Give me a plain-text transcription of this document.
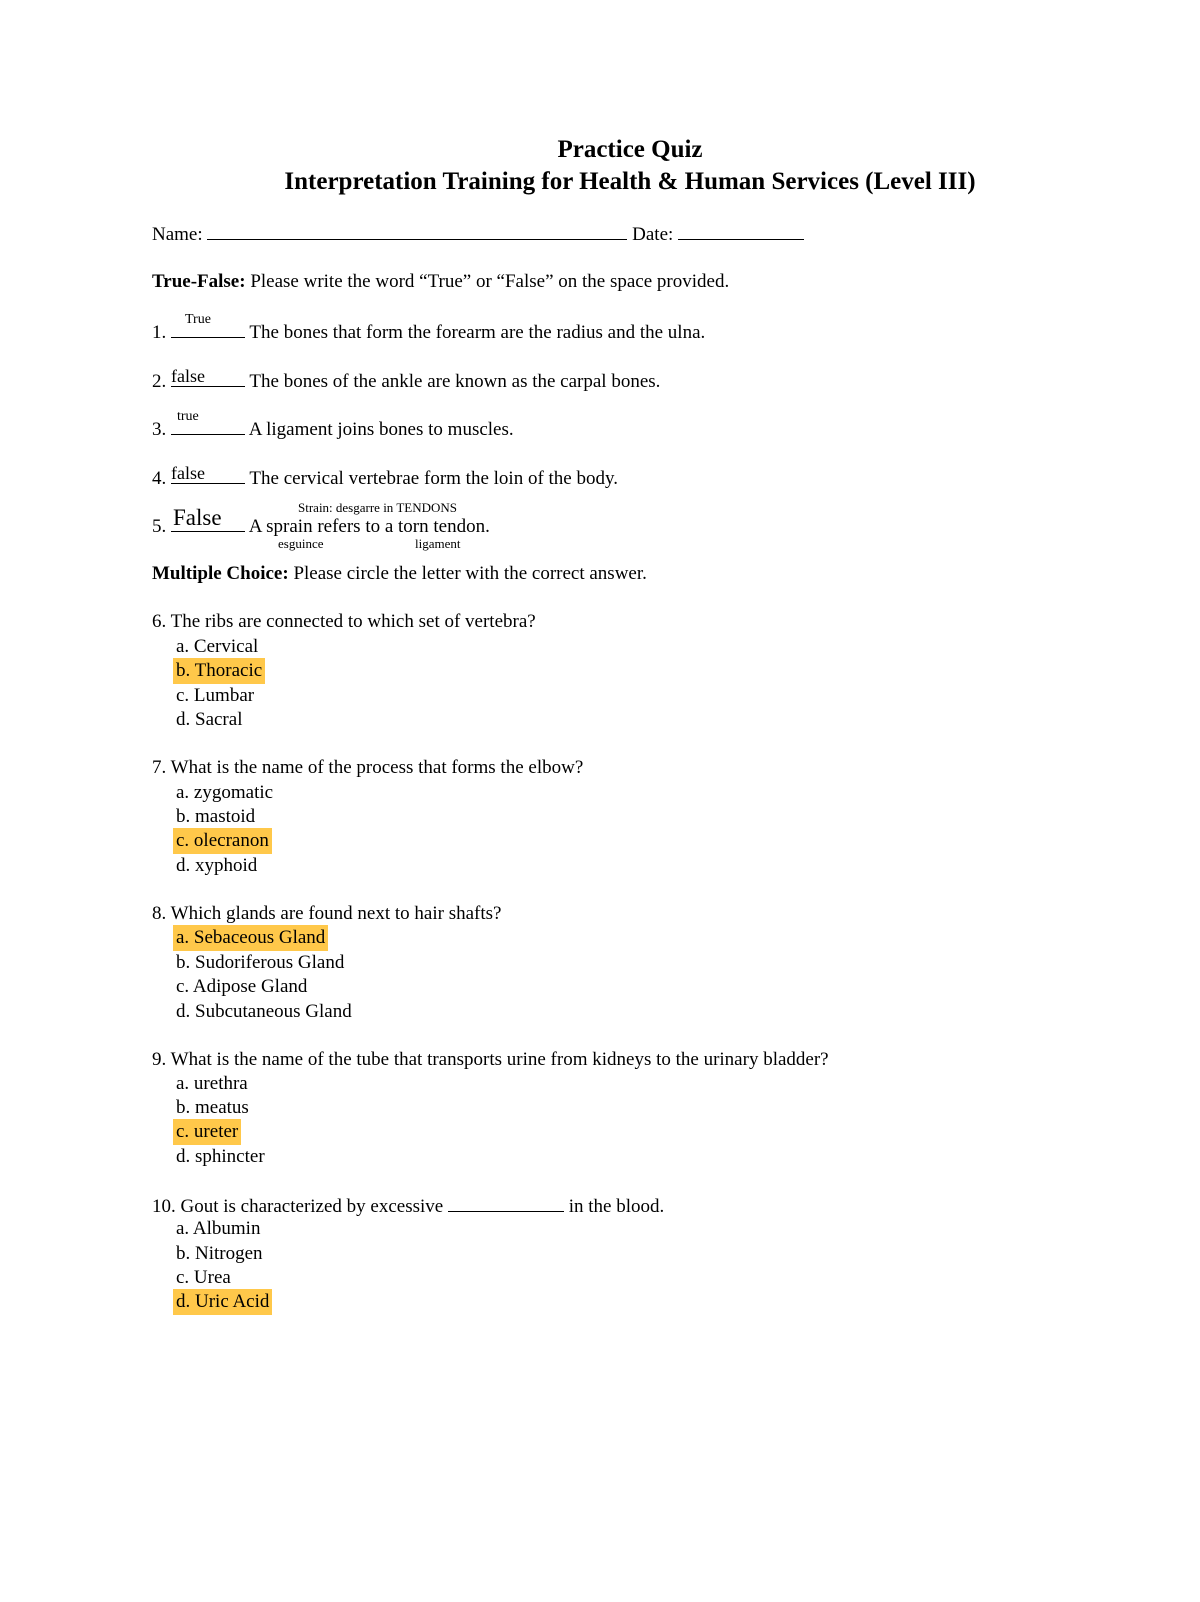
Practice Quiz
Interpretation Training for Health & Human Services (Level III)
Name:	Date:
True-False: Please write the word “True” or “False” on the space provided.
1.
True
The bones that form the forearm are the radius and the ulna.
2. false The bones of the ankle are known as the carpal bones.
3.
true
A ligament joins bones to muscles.
4. false The cervical vertebrae form the loin of the body.
Strain: desgarre in TENDONS
5. False A sprain refers to a torn tendon.
esguince	ligament
Multiple Choice: Please circle the letter with the correct answer.
6. The ribs are connected to which set of vertebra?
a. Cervical
b. Thoracic
c. Lumbar
d. Sacral
7. What is the name of the process that forms the elbow?
a. zygomatic
b. mastoid
c. olecranon
d. xyphoid
8. Which glands are found next to hair shafts?
a. Sebaceous Gland
b. Sudoriferous Gland
c. Adipose Gland
d. Subcutaneous Gland
9. What is the name of the tube that transports urine from kidneys to the urinary bladder?
a. urethra
b. meatus
c. ureter
d. sphincter
10. Gout is characterized by excessive	in the blood.
a. Albumin
b. Nitrogen
c. Urea
d. Uric Acid
